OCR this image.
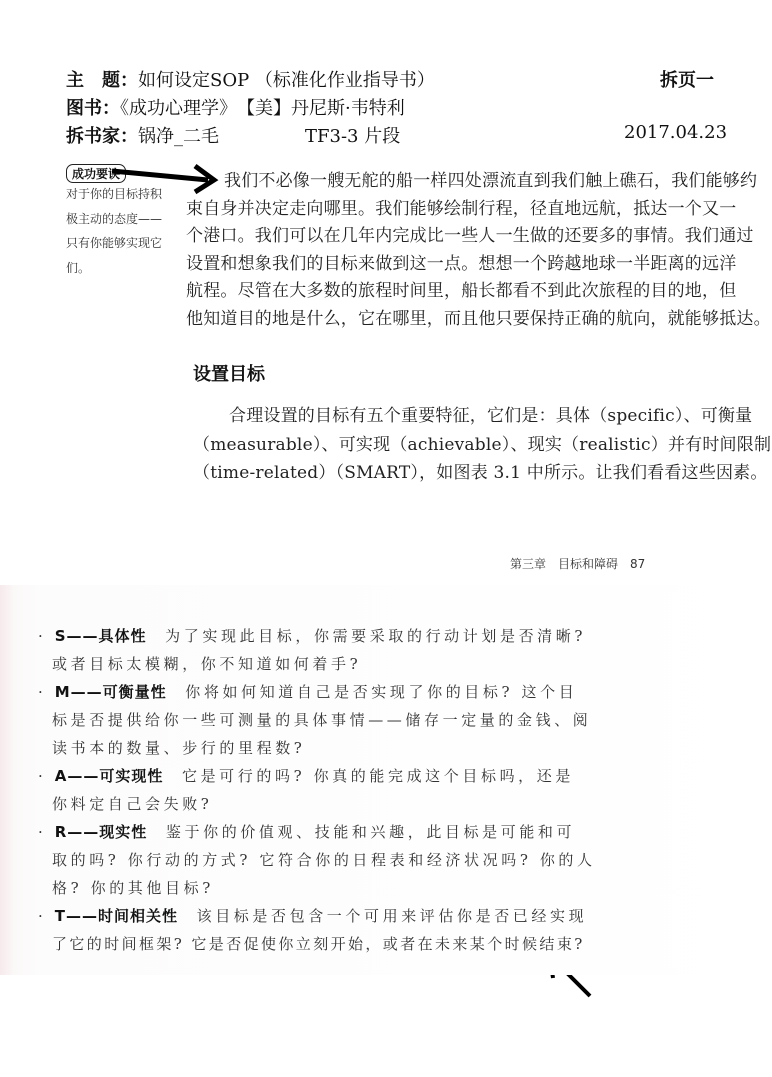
主　题：如何设定SOP （标准化作业指导书）	拆页一
图书：《成功心理学》　【美】丹尼斯·韦特利
拆书家：锅净_二毛	TF3-3 片段	2017.04.23
成功要诀
对于你的目标持积
极主动的态度——
只有你能够实现它
们。
我们不必像一艘无舵的船一样四处漂流直到我们触上礁石，我们能够约
束自身并决定走向哪里。我们能够绘制行程，径直地远航，抵达一个又一
个港口。我们可以在几年内完成比一些人一生做的还要多的事情。我们通过
设置和想象我们的目标来做到这一点。想想一个跨越地球一半距离的远洋
航程。尽管在大多数的旅程时间里，船长都看不到此次旅程的目的地，但
他知道目的地是什么，它在哪里，而且他只要保持正确的航向，就能够抵达。
设置目标
合理设置的目标有五个重要特征，它们是：具体（specific）、可衡量
（measurable）、可实现（achievable）、现实（realistic）并有时间限制
（time-related）（SMART），如图表 3.1 中所示。让我们看看这些因素。
第三章　目标和障碍　87
· S——具体性　 为了实现此目标，你需要采取的行动计划是否清晰?
或者目标太模糊，你不知道如何着手?
· M——可衡量性　 你将如何知道自己是否实现了你的目标? 这个目
标是否提供给你一些可测量的具体事情——储存一定量的金钱、阅
读书本的数量、步行的里程数?
· A——可实现性　 它是可行的吗? 你真的能完成这个目标吗，还是
你料定自己会失败?
· R——现实性　 鉴于你的价值观、技能和兴趣，此目标是可能和可
取的吗? 你行动的方式? 它符合你的日程表和经济状况吗? 你的人
格? 你的其他目标?
· T——时间相关性　 该目标是否包含一个可用来评估你是否已经实现
了它的时间框架? 它是否促使你立刻开始，或者在未来某个时候结束?
